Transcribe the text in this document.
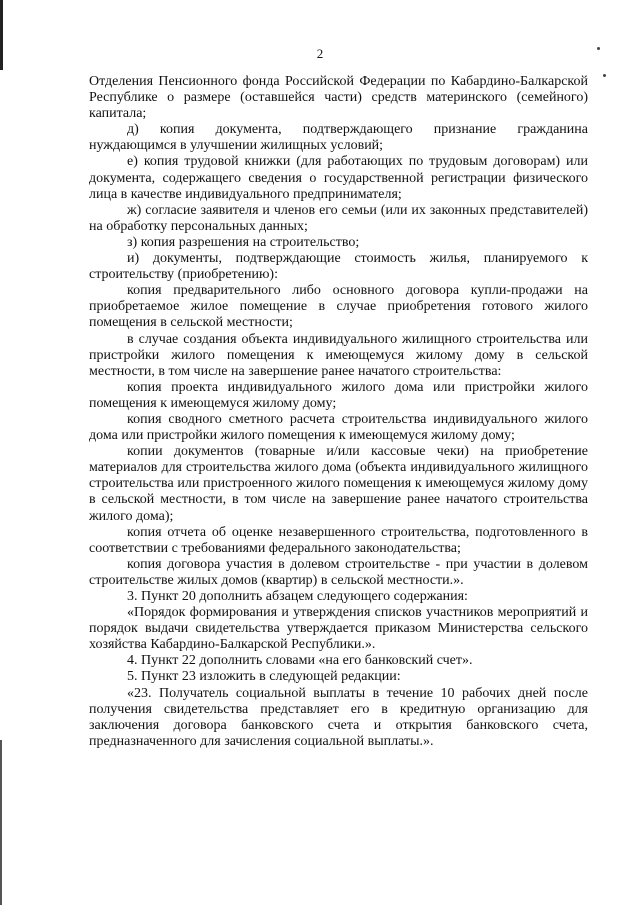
2

Отделения Пенсионного фонда Российской Федерации по Кабардино-Балкарской Республике о размере (оставшейся части) средств материнского (семейного) капитала;

д) копия документа, подтверждающего признание гражданина нуждающимся в улучшении жилищных условий;

е) копия трудовой книжки (для работающих по трудовым договорам) или документа, содержащего сведения о государственной регистрации физического лица в качестве индивидуального предпринимателя;

ж) согласие заявителя и членов его семьи (или их законных представителей) на обработку персональных данных;

з) копия разрешения на строительство;

и) документы, подтверждающие стоимость жилья, планируемого к строительству (приобретению):

копия предварительного либо основного договора купли-продажи на приобретаемое жилое помещение в случае приобретения готового жилого помещения в сельской местности;

в случае создания объекта индивидуального жилищного строительства или пристройки жилого помещения к имеющемуся жилому дому в сельской местности, в том числе на завершение ранее начатого строительства:

копия проекта индивидуального жилого дома или пристройки жилого помещения к имеющемуся жилому дому;

копия сводного сметного расчета строительства индивидуального жилого дома или пристройки жилого помещения к имеющемуся жилому дому;

копии документов (товарные и/или кассовые чеки) на приобретение материалов для строительства жилого дома (объекта индивидуального жилищного строительства или пристроенного жилого помещения к имеющемуся жилому дому в сельской местности, в том числе на завершение ранее начатого строительства жилого дома);

копия отчета об оценке незавершенного строительства, подготовленного в соответствии с требованиями федерального законодательства;

копия договора участия в долевом строительстве - при участии в долевом строительстве жилых домов (квартир) в сельской местности.».

3. Пункт 20 дополнить абзацем следующего содержания:

«Порядок формирования и утверждения списков участников мероприятий и порядок выдачи свидетельства утверждается приказом Министерства сельского хозяйства Кабардино-Балкарской Республики.».

4. Пункт 22 дополнить словами «на его банковский счет».

5. Пункт 23 изложить в следующей редакции:

«23. Получатель социальной выплаты в течение 10 рабочих дней после получения свидетельства представляет его в кредитную организацию для заключения договора банковского счета и открытия банковского счета, предназначенного для зачисления социальной выплаты.».
